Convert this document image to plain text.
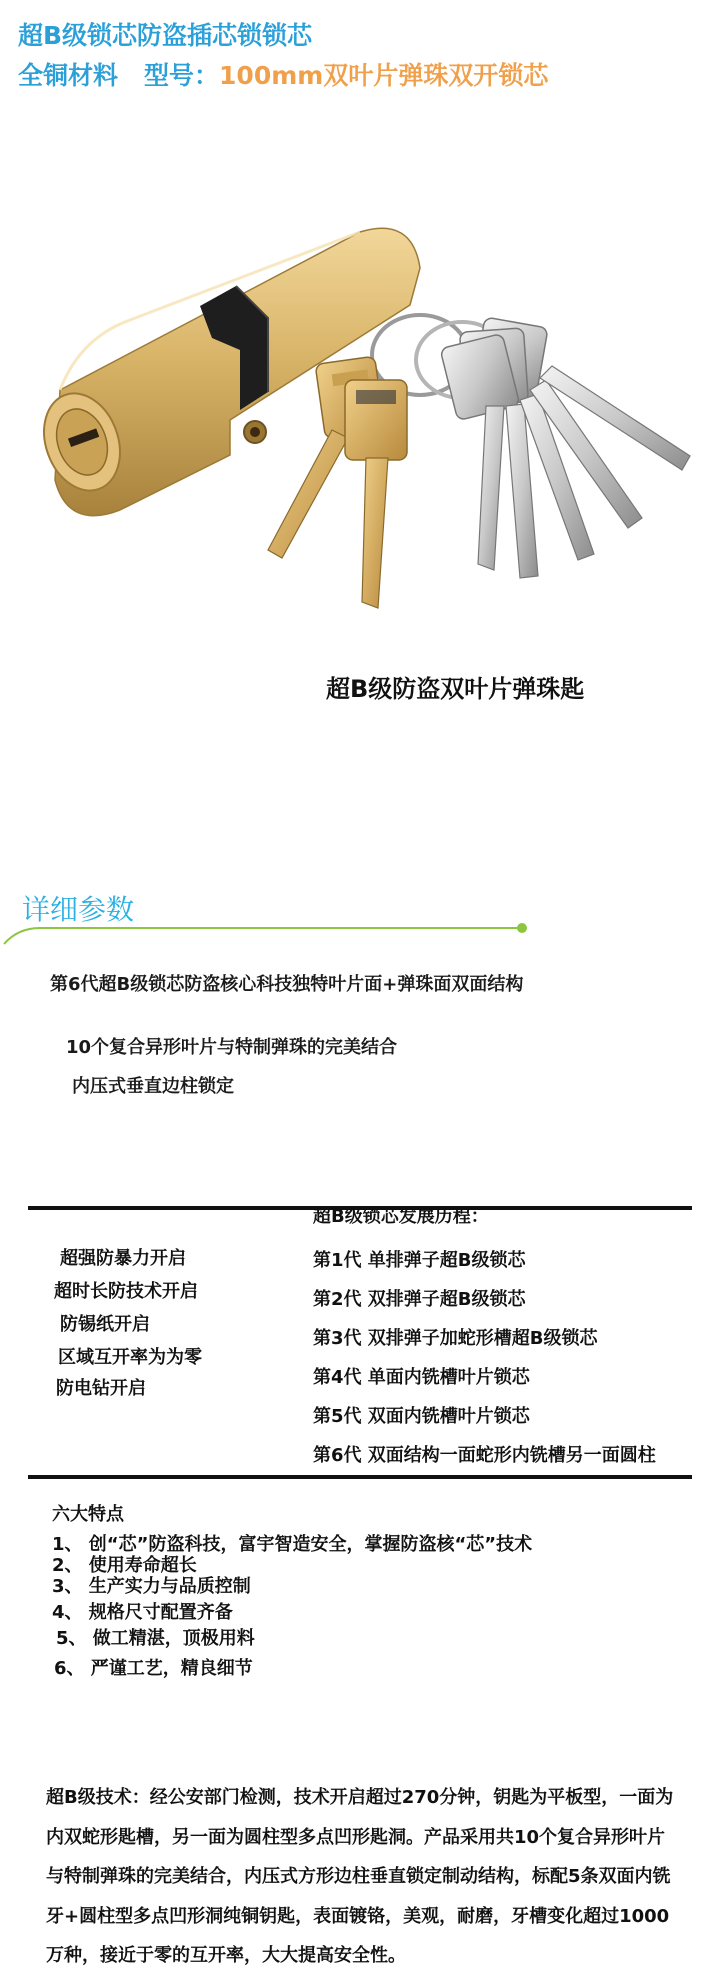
超B级锁芯防盗插芯锁锁芯
全铜材料 型号：100mm双叶片弹珠双开锁芯
超B级防盗双叶片弹珠匙
详细参数
第6代超B级锁芯防盗核心科技独特叶片面+弹珠面双面结构
10个复合异形叶片与特制弹珠的完美结合
内压式垂直边柱锁定
超B级锁芯发展历程：
超强防暴力开启
超时长防技术开启
防锡纸开启
区域互开率为为零
防电钻开启
第1代 单排弹子超B级锁芯
第2代 双排弹子超B级锁芯
第3代 双排弹子加蛇形槽超B级锁芯
第4代 单面内铣槽叶片锁芯
第5代 双面内铣槽叶片锁芯
第6代 双面结构一面蛇形内铣槽另一面圆柱
六大特点
1、 创“芯”防盗科技，富宇智造安全，掌握防盗核“芯”技术
2、 使用寿命超长
3、 生产实力与品质控制
4、 规格尺寸配置齐备
5、 做工精湛，顶极用料
6、 严谨工艺，精良细节
超B级技术：经公安部门检测，技术开启超过270分钟，钥匙为平板型，一面为内双蛇形匙槽，另一面为圆柱型多点凹形匙洞。产品采用共10个复合异形叶片与特制弹珠的完美结合，内压式方形边柱垂直锁定制动结构，标配5条双面内铣牙+圆柱型多点凹形洞纯铜钥匙，表面镀铬，美观，耐磨，牙槽变化超过1000万种，接近于零的互开率，大大提高安全性。
